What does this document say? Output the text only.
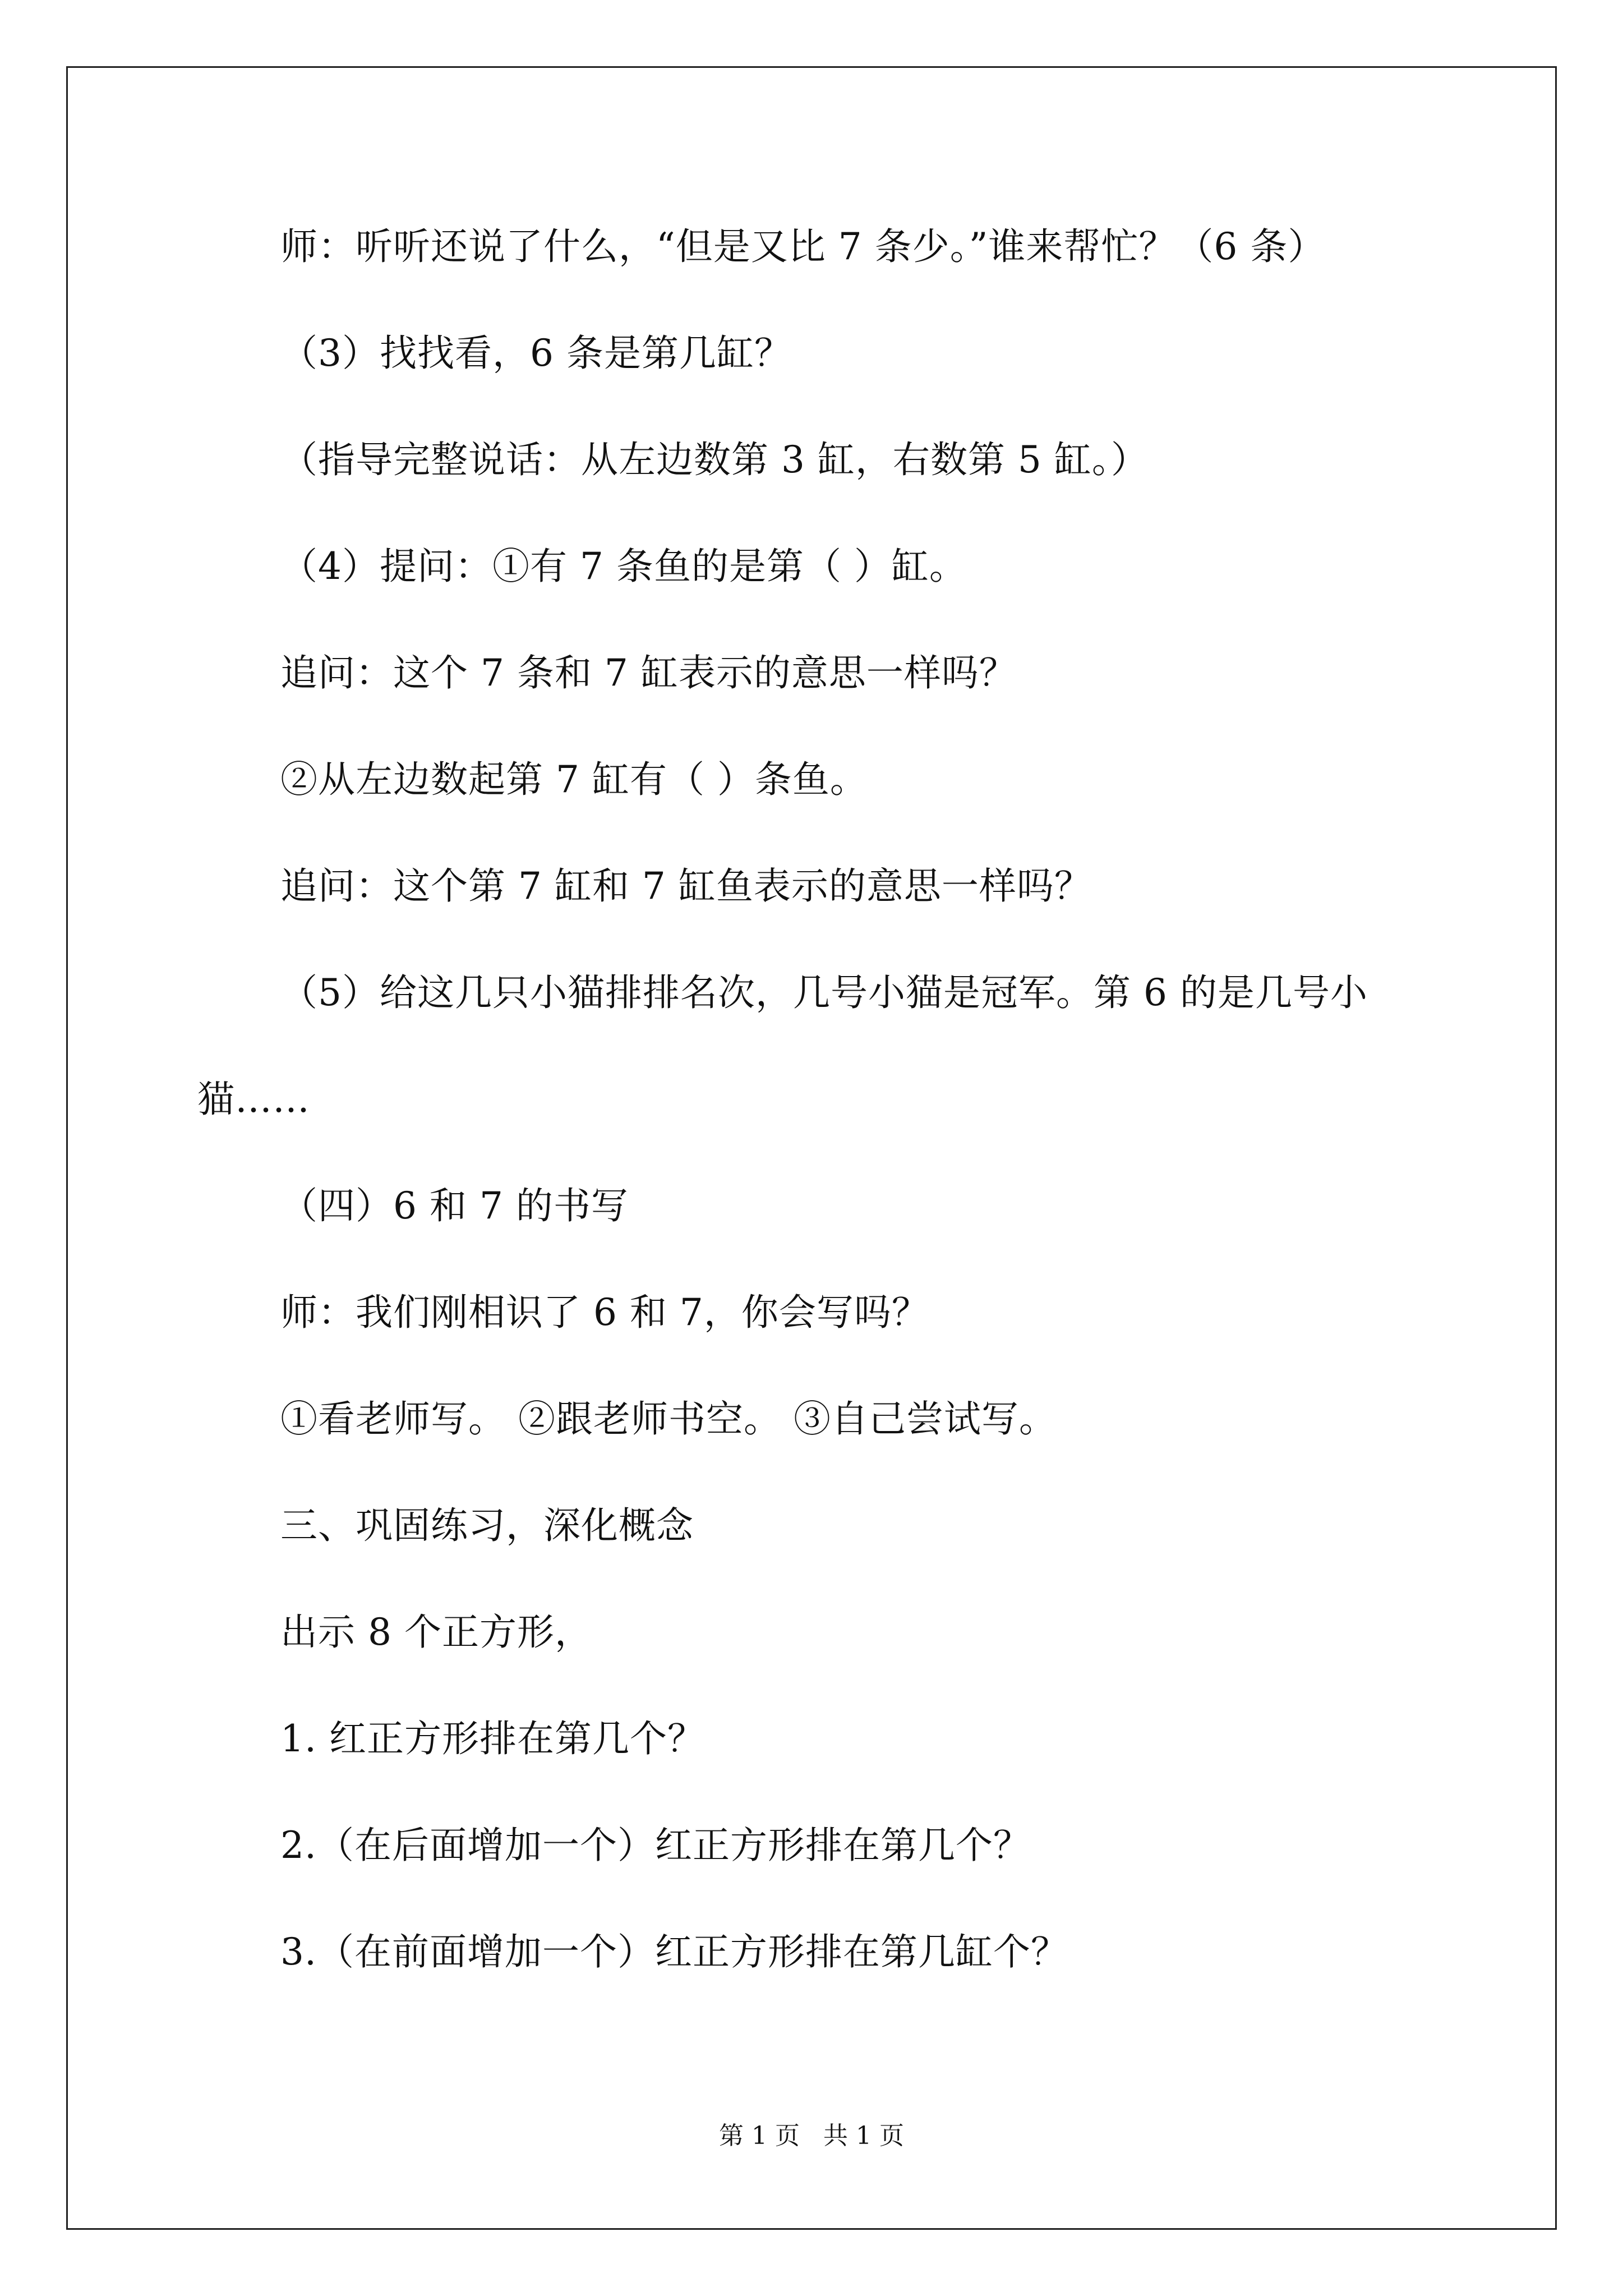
师：听听还说了什么，“但是又比 7 条少。”谁来帮忙？（6 条）
（3）找找看，6 条是第几缸？
（指导完整说话：从左边数第 3 缸，右数第 5 缸。）
（4）提问：①有 7 条鱼的是第（ ）缸。
追问：这个 7 条和 7 缸表示的意思一样吗？
②从左边数起第 7 缸有（ ）条鱼。
追问：这个第 7 缸和 7 缸鱼表示的意思一样吗？
（5）给这几只小猫排排名次，几号小猫是冠军。第 6 的是几号小
猫……
（四）6 和 7 的书写
师：我们刚相识了 6 和 7，你会写吗？
①看老师写。 ②跟老师书空。 ③自己尝试写。
三、巩固练习，深化概念
出示 8 个正方形，
1. 红正方形排在第几个？
2.（在后面增加一个）红正方形排在第几个？
3.（在前面增加一个）红正方形排在第几缸个？
第 1 页   共 1 页
